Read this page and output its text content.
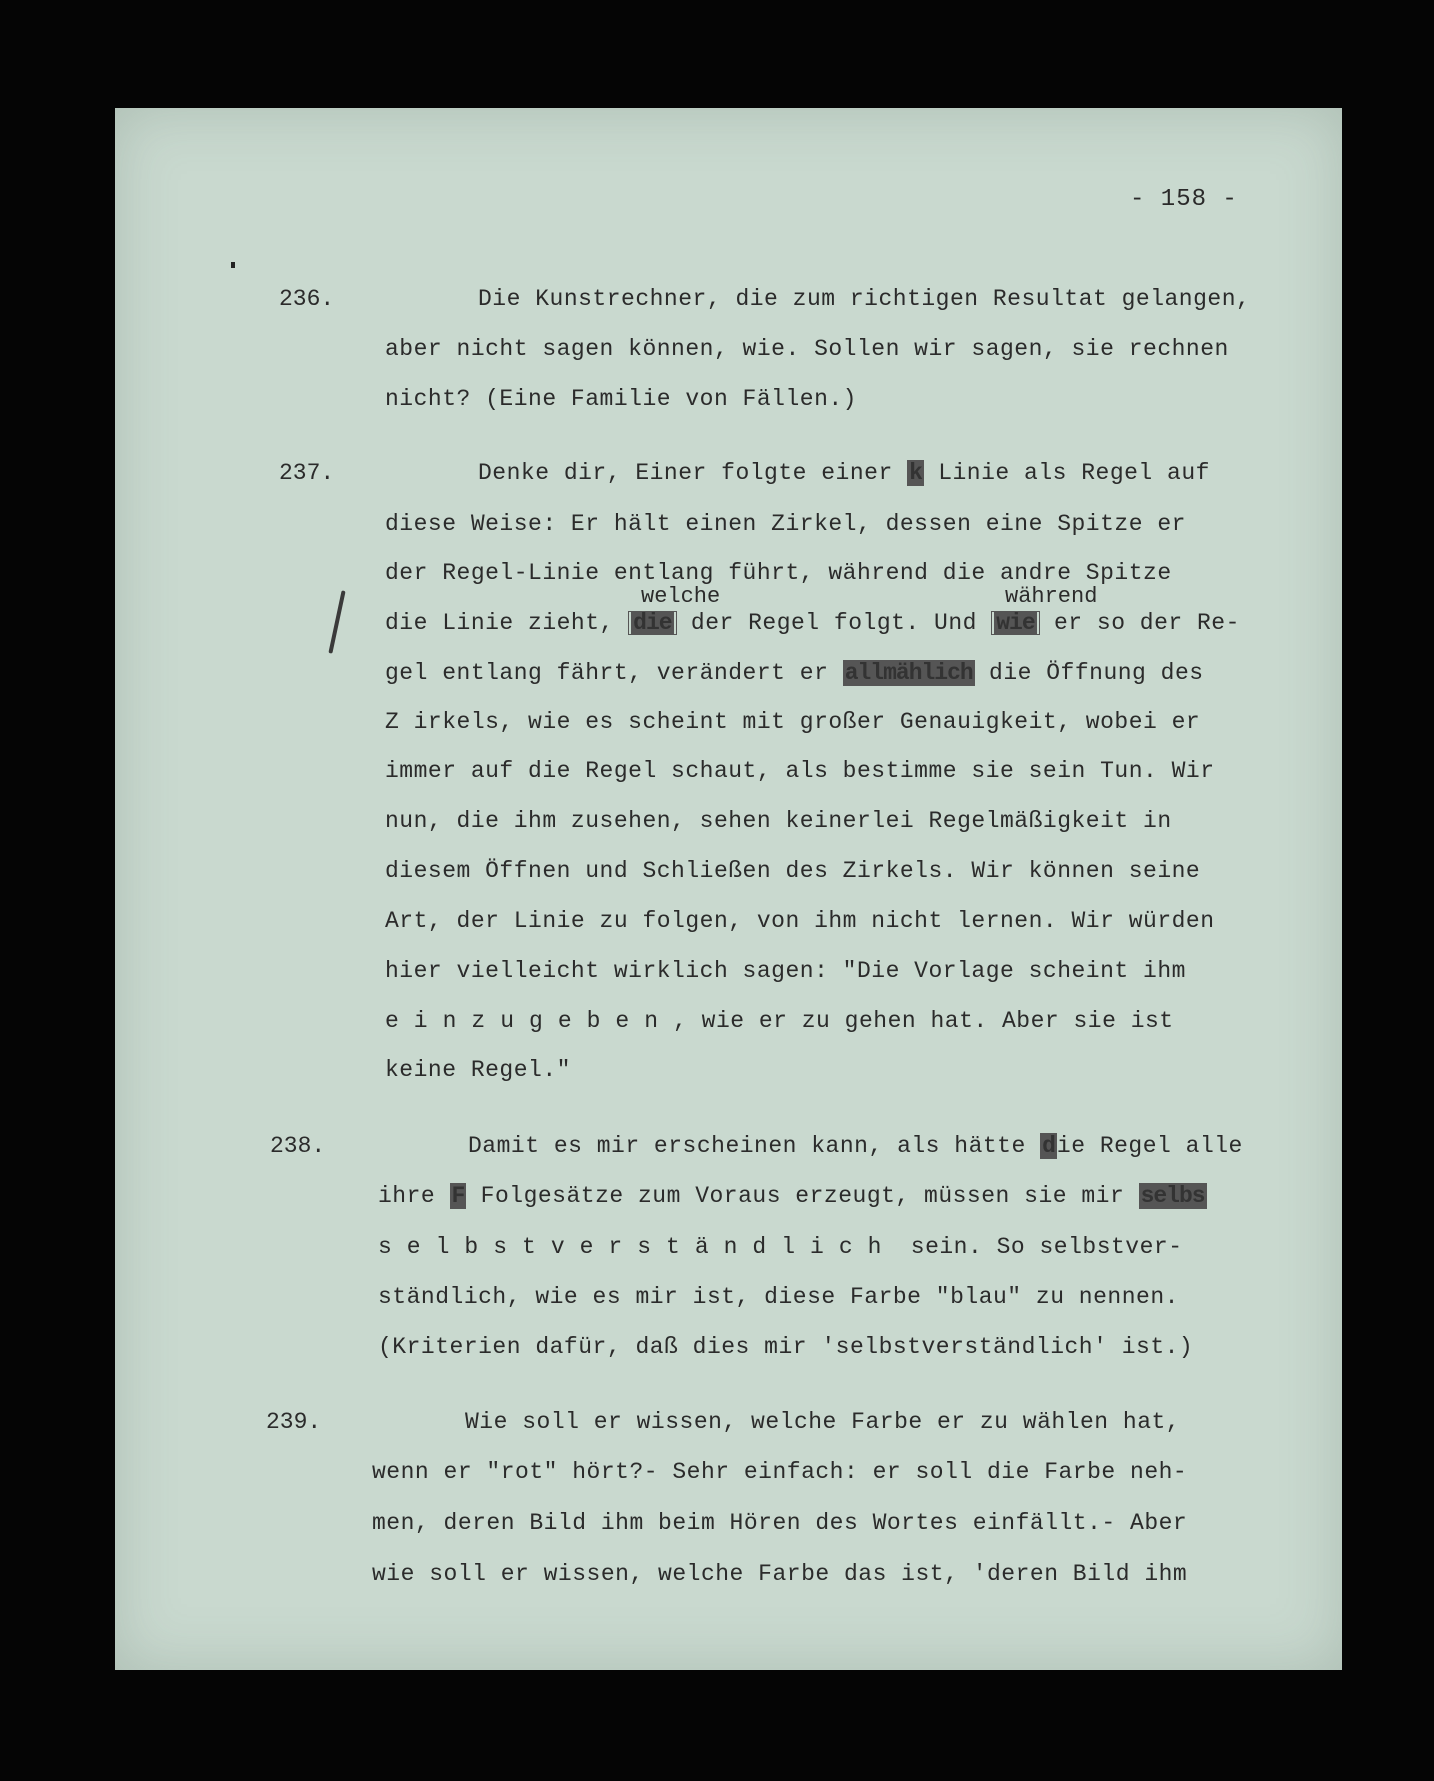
- 158 -
236.	Die Kunstrechner, die zum richtigen Resultat gelangen,
aber nicht sagen können, wie. Sollen wir sagen, sie rechnen
nicht? (Eine Familie von Fällen.)
237.	Denke dir, Einer folgte einer k Linie als Regel auf
diese Weise: Er hält einen Zirkel, dessen eine Spitze er
der Regel-Linie entlang führt, während die andre Spitze
welche	während
die Linie zieht, die der Regel folgt. Und wie er so der Re-
gel entlang fährt, verändert er allmählich die Öffnung des
Z irkels, wie es scheint mit großer Genauigkeit, wobei er
immer auf die Regel schaut, als bestimme sie sein Tun. Wir
nun, die ihm zusehen, sehen keinerlei Regelmäßigkeit in
diesem Öffnen und Schließen des Zirkels. Wir können seine
Art, der Linie zu folgen, von ihm nicht lernen. Wir würden
hier vielleicht wirklich sagen: "Die Vorlage scheint ihm
einzugeben, wie er zu gehen hat. Aber sie ist
keine Regel."
238.	Damit es mir erscheinen kann, als hätte die Regel alle
ihre F Folgesätze zum Voraus erzeugt, müssen sie mir selbs
selbstverständlich sein. So selbstver-
ständlich, wie es mir ist, diese Farbe "blau" zu nennen.
(Kriterien dafür, daß dies mir 'selbstverständlich' ist.)
239.	Wie soll er wissen, welche Farbe er zu wählen hat,
wenn er "rot" hört?- Sehr einfach: er soll die Farbe neh-
men, deren Bild ihm beim Hören des Wortes einfällt.- Aber
wie soll er wissen, welche Farbe das ist, 'deren Bild ihm
